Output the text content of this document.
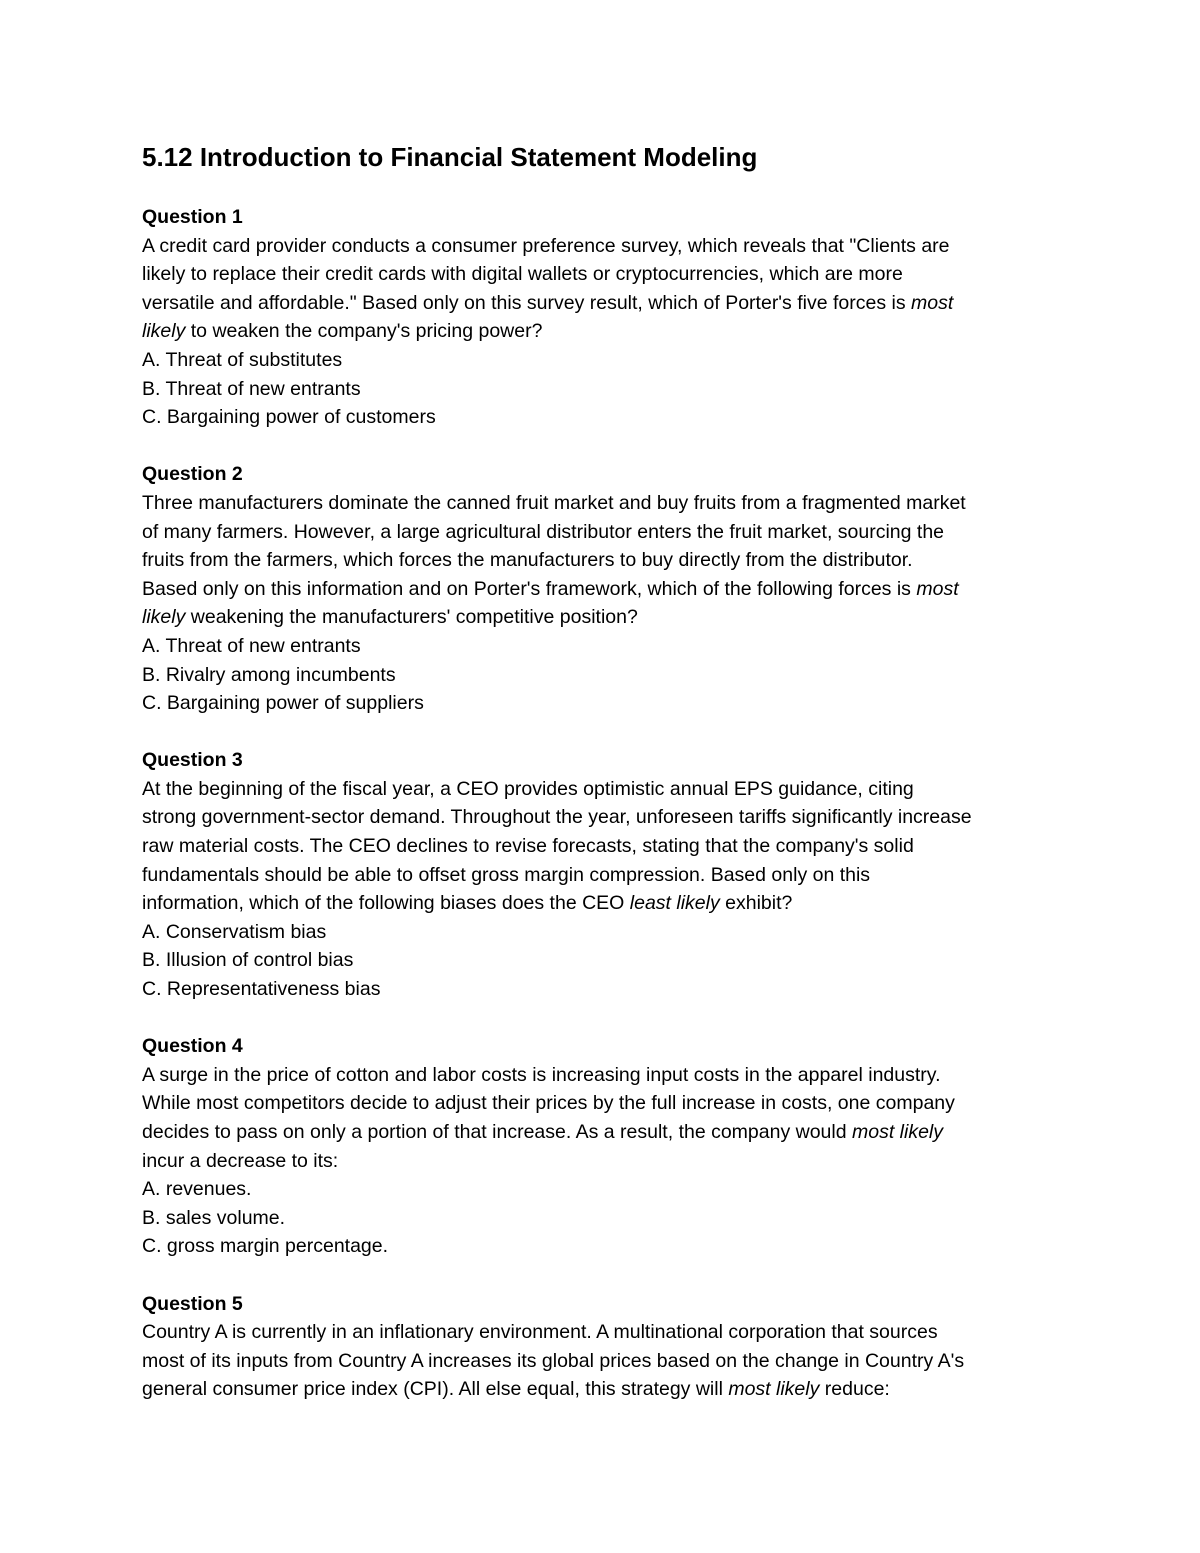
5.12 Introduction to Financial Statement Modeling
Question 1
A credit card provider conducts a consumer preference survey, which reveals that "Clients are
likely to replace their credit cards with digital wallets or cryptocurrencies, which are more
versatile and affordable." Based only on this survey result, which of Porter's five forces is most
likely to weaken the company's pricing power?
A. Threat of substitutes
B. Threat of new entrants
C. Bargaining power of customers
Question 2
Three manufacturers dominate the canned fruit market and buy fruits from a fragmented market
of many farmers. However, a large agricultural distributor enters the fruit market, sourcing the
fruits from the farmers, which forces the manufacturers to buy directly from the distributor.
Based only on this information and on Porter's framework, which of the following forces is most
likely weakening the manufacturers' competitive position?
A. Threat of new entrants
B. Rivalry among incumbents
C. Bargaining power of suppliers
Question 3
At the beginning of the fiscal year, a CEO provides optimistic annual EPS guidance, citing
strong government-sector demand. Throughout the year, unforeseen tariffs significantly increase
raw material costs. The CEO declines to revise forecasts, stating that the company's solid
fundamentals should be able to offset gross margin compression. Based only on this
information, which of the following biases does the CEO least likely exhibit?
A. Conservatism bias
B. Illusion of control bias
C. Representativeness bias
Question 4
A surge in the price of cotton and labor costs is increasing input costs in the apparel industry.
While most competitors decide to adjust their prices by the full increase in costs, one company
decides to pass on only a portion of that increase. As a result, the company would most likely
incur a decrease to its:
A. revenues.
B. sales volume.
C. gross margin percentage.
Question 5
Country A is currently in an inflationary environment. A multinational corporation that sources
most of its inputs from Country A increases its global prices based on the change in Country A's
general consumer price index (CPI). All else equal, this strategy will most likely reduce:
